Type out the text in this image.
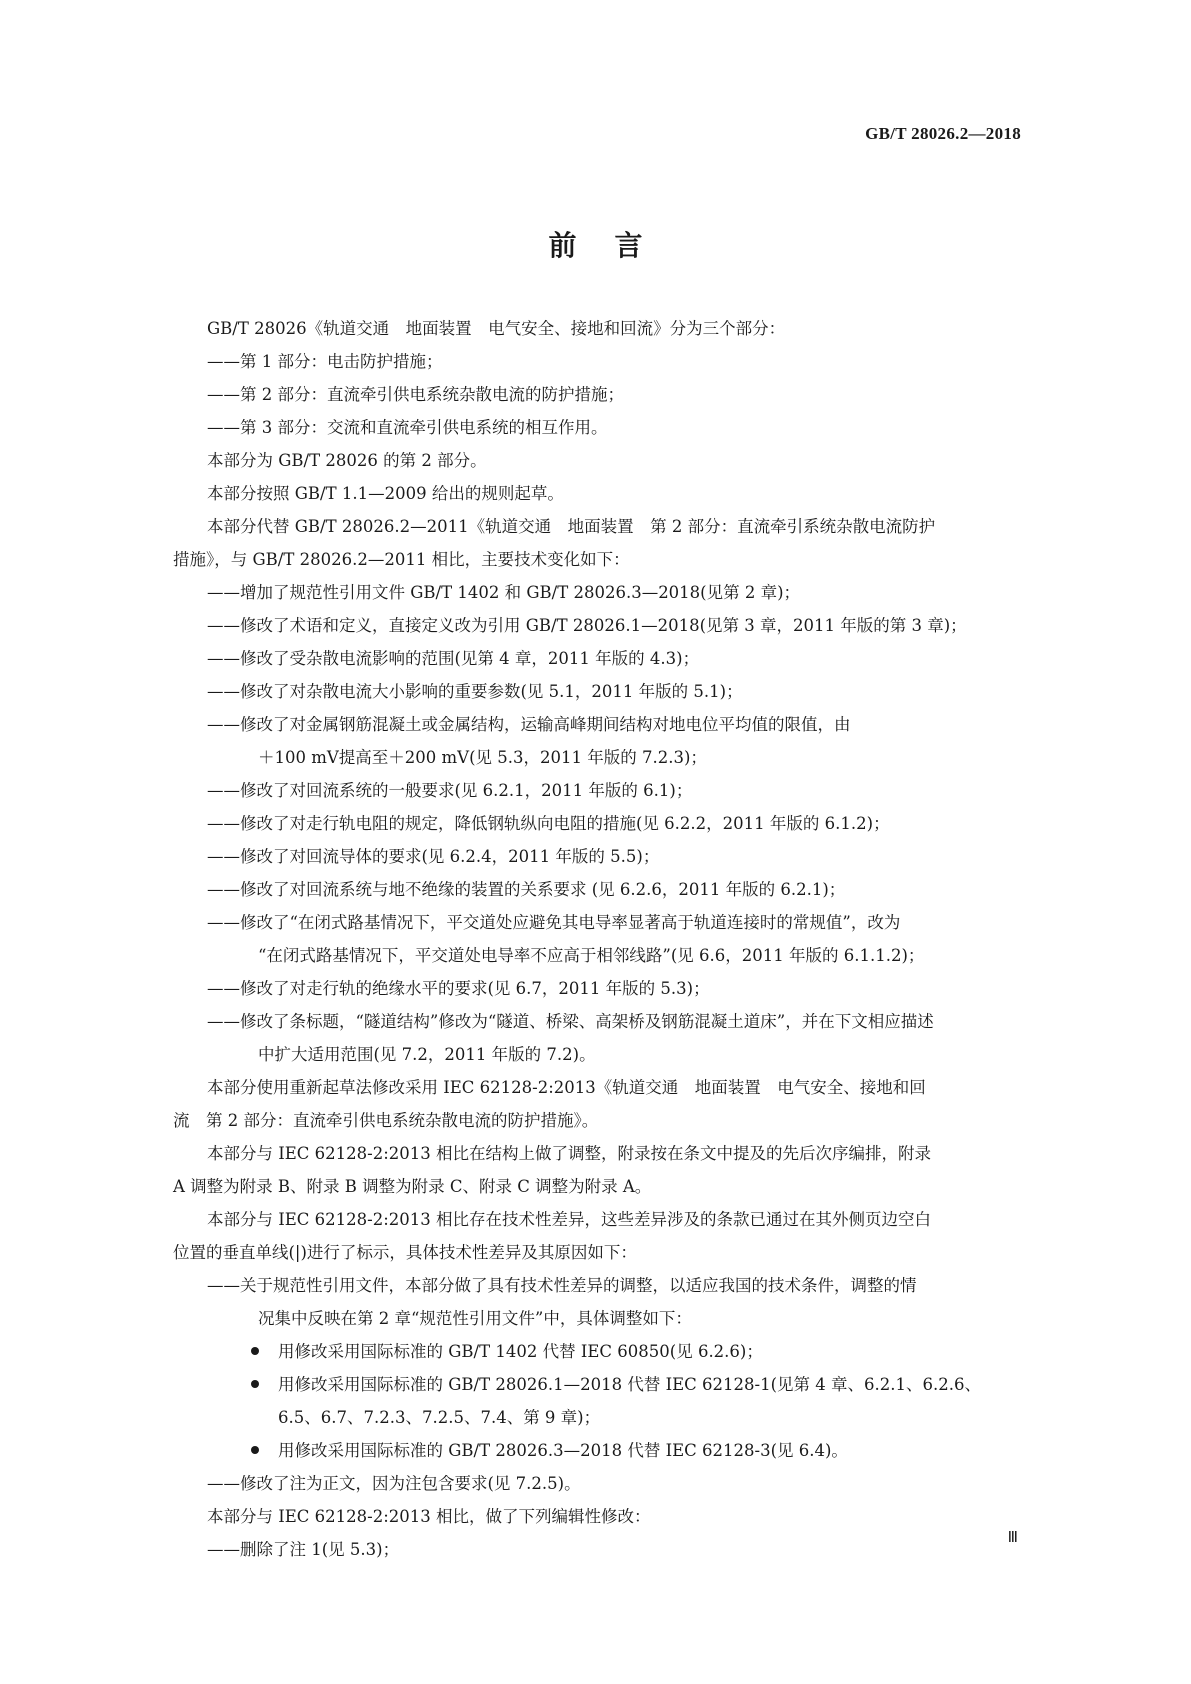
GB/T 28026.2—2018
前言
GB/T 28026《轨道交通　地面装置　电气安全、接地和回流》分为三个部分：
——第 1 部分：电击防护措施；
——第 2 部分：直流牵引供电系统杂散电流的防护措施；
——第 3 部分：交流和直流牵引供电系统的相互作用。
本部分为 GB/T 28026 的第 2 部分。
本部分按照 GB/T 1.1—2009 给出的规则起草。
本部分代替 GB/T 28026.2—2011《轨道交通　地面装置　第 2 部分：直流牵引系统杂散电流防护
措施》，与 GB/T 28026.2—2011 相比，主要技术变化如下：
——增加了规范性引用文件 GB/T 1402 和 GB/T 28026.3—2018(见第 2 章)；
——修改了术语和定义，直接定义改为引用 GB/T 28026.1—2018(见第 3 章，2011 年版的第 3 章)；
——修改了受杂散电流影响的范围(见第 4 章，2011 年版的 4.3)；
——修改了对杂散电流大小影响的重要参数(见 5.1，2011 年版的 5.1)；
——修改了对金属钢筋混凝土或金属结构，运输高峰期间结构对地电位平均值的限值，由
＋100 mV提高至＋200 mV(见 5.3，2011 年版的 7.2.3)；
——修改了对回流系统的一般要求(见 6.2.1，2011 年版的 6.1)；
——修改了对走行轨电阻的规定，降低钢轨纵向电阻的措施(见 6.2.2，2011 年版的 6.1.2)；
——修改了对回流导体的要求(见 6.2.4，2011 年版的 5.5)；
——修改了对回流系统与地不绝缘的装置的关系要求 (见 6.2.6，2011 年版的 6.2.1)；
——修改了“在闭式路基情况下，平交道处应避免其电导率显著高于轨道连接时的常规值”，改为
“在闭式路基情况下，平交道处电导率不应高于相邻线路”(见 6.6，2011 年版的 6.1.1.2)；
——修改了对走行轨的绝缘水平的要求(见 6.7，2011 年版的 5.3)；
——修改了条标题，“隧道结构”修改为“隧道、桥梁、高架桥及钢筋混凝土道床”，并在下文相应描述
中扩大适用范围(见 7.2，2011 年版的 7.2)。
本部分使用重新起草法修改采用 IEC 62128-2:2013《轨道交通　地面装置　电气安全、接地和回
流　第 2 部分：直流牵引供电系统杂散电流的防护措施》。
本部分与 IEC 62128-2:2013 相比在结构上做了调整，附录按在条文中提及的先后次序编排，附录
A 调整为附录 B、附录 B 调整为附录 C、附录 C 调整为附录 A。
本部分与 IEC 62128-2:2013 相比存在技术性差异，这些差异涉及的条款已通过在其外侧页边空白
位置的垂直单线(|)进行了标示，具体技术性差异及其原因如下：
——关于规范性引用文件，本部分做了具有技术性差异的调整，以适应我国的技术条件，调整的情
况集中反映在第 2 章“规范性引用文件”中，具体调整如下：
用修改采用国际标准的 GB/T 1402 代替 IEC 60850(见 6.2.6)；
用修改采用国际标准的 GB/T 28026.1—2018 代替 IEC 62128-1(见第 4 章、6.2.1、6.2.6、
6.5、6.7、7.2.3、7.2.5、7.4、第 9 章)；
用修改采用国际标准的 GB/T 28026.3—2018 代替 IEC 62128-3(见 6.4)。
——修改了注为正文，因为注包含要求(见 7.2.5)。
本部分与 IEC 62128-2:2013 相比，做了下列编辑性修改：
——删除了注 1(见 5.3)；
Ⅲ
